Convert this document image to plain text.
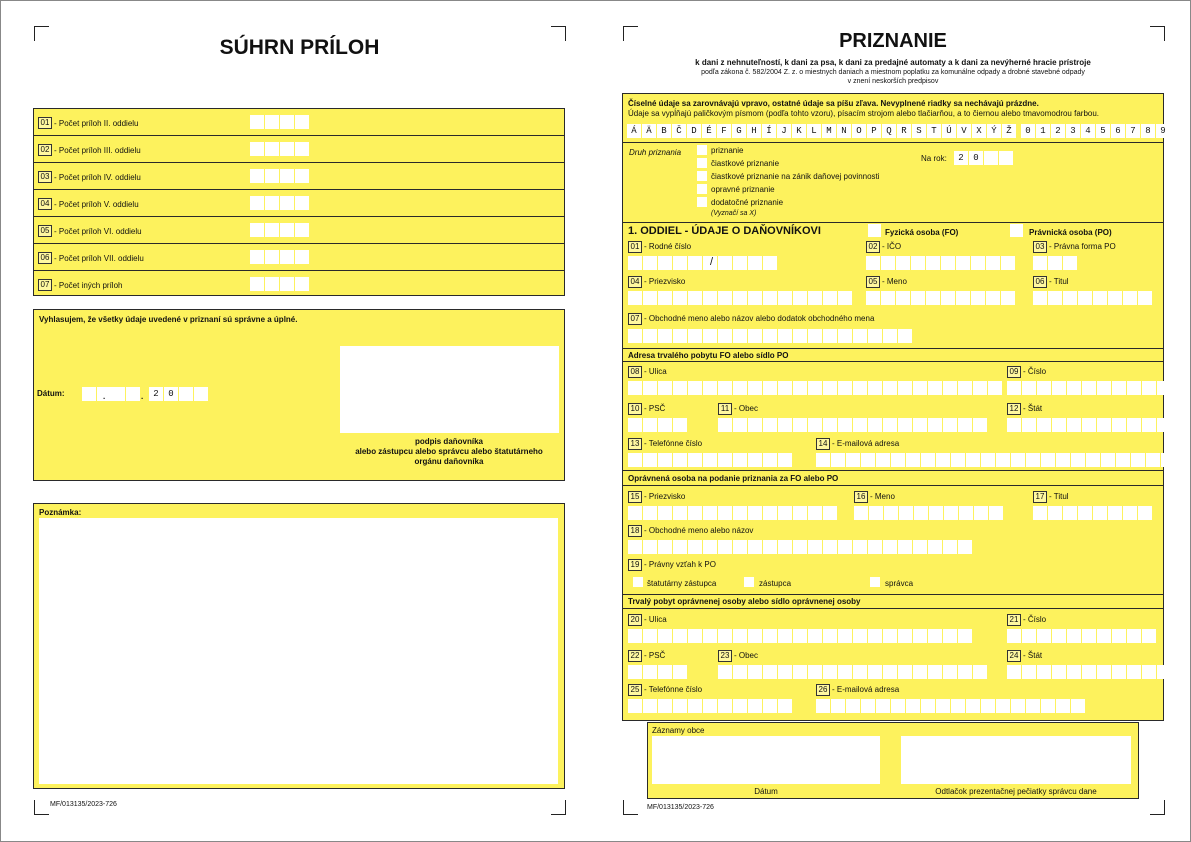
SÚHRN PRÍLOH
01 - Počet príloh II. oddielu
02 - Počet príloh III. oddielu
03 - Počet príloh IV. oddielu
04 - Počet príloh V. oddielu
05 - Počet príloh VI. oddielu
06 - Počet príloh VII. oddielu
07 - Počet iných príloh
Vyhlasujem, že všetky údaje uvedené v priznaní sú správne a úplné.
Dátum:	.	.	2	0
podpis daňovníka
alebo zástupcu alebo správcu alebo štatutárneho
orgánu daňovníka
Poznámka:
MF/013135/2023-726
PRIZNANIE
k dani z nehnuteľností, k dani za psa, k dani za predajné automaty a k dani za nevýherné hracie prístroje
podľa zákona č. 582/2004 Z. z. o miestnych daniach a miestnom poplatku za komunálne odpady a drobné stavebné odpady
v znení neskorších predpisov
Číselné údaje sa zarovnávajú vpravo, ostatné údaje sa píšu zľava. Nevyplnené riadky sa nechávajú prázdne.
Údaje sa vypĺňajú paličkovým písmom (podľa tohto vzoru), písacím strojom alebo tlačiarňou, a to čiernou alebo tmavomodrou farbou.
Á	Ä	B	Č	D	É	F	G	H	Í	J	K	L	M	N	O	P	Q	R	S	T	Ú	V	X	Ý	Ž	0	1	2	3	4	5	6	7	8	9
Druh priznania	priznanie
čiastkové priznanie
čiastkové priznanie na zánik daňovej povinnosti
opravné priznanie
dodatočné priznanie
(Vyznačí sa X)
Na rok:	2	0
1. ODDIEL - ÚDAJE O DAŇOVNÍKOVI	Fyzická osoba (FO)	Právnická osoba (PO)
01 - Rodné číslo	02 - IČO	03 - Právna forma PO
04 - Priezvisko	05 - Meno	06 - Titul
07 - Obchodné meno alebo názov alebo dodatok obchodného mena
08 - Ulica	09 - Číslo
10 - PSČ	11 - Obec	12 - Štát
13 - Telefónne číslo	14 - E-mailová adresa
15 - Priezvisko	16 - Meno	17 - Titul
18 - Obchodné meno alebo názov
19 - Právny vzťah k PO
20 - Ulica	21 - Číslo
22 - PSČ	23 - Obec	24 - Štát
25 - Telefónne číslo	26 - E-mailová adresa
/
Adresa trvalého pobytu FO alebo sídlo PO
Oprávnená osoba na podanie priznania za FO alebo PO
štatutárny zástupca	zástupca	správca
Trvalý pobyt oprávnenej osoby alebo sídlo oprávnenej osoby
Záznamy obce
Dátum	Odtlačok prezentačnej pečiatky správcu dane
MF/013135/2023-726
